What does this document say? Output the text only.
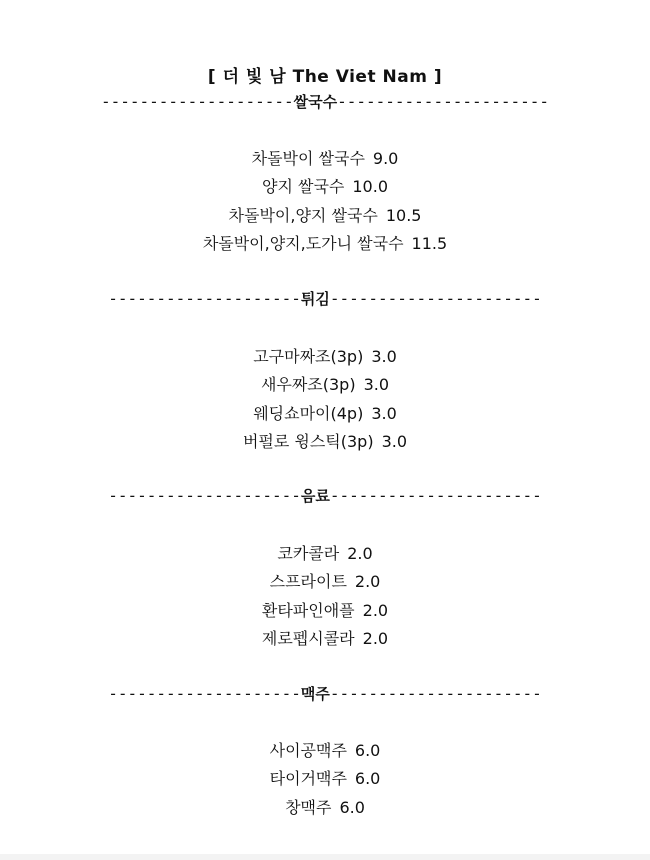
[ 더 빛 남 The Viet Nam ]
--------------------쌀국수----------------------
차돌박이 쌀국수 9.0
양지 쌀국수 10.0
차돌박이,양지 쌀국수 10.5
차돌박이,양지,도가니 쌀국수 11.5
--------------------튀김----------------------
고구마짜조(3p) 3.0
새우짜조(3p) 3.0
웨딩쇼마이(4p) 3.0
버펄로 윙스틱(3p) 3.0
--------------------음료----------------------
코카콜라 2.0
스프라이트 2.0
환타파인애플 2.0
제로펩시콜라 2.0
--------------------맥주----------------------
사이공맥주 6.0
타이거맥주 6.0
창맥주 6.0
